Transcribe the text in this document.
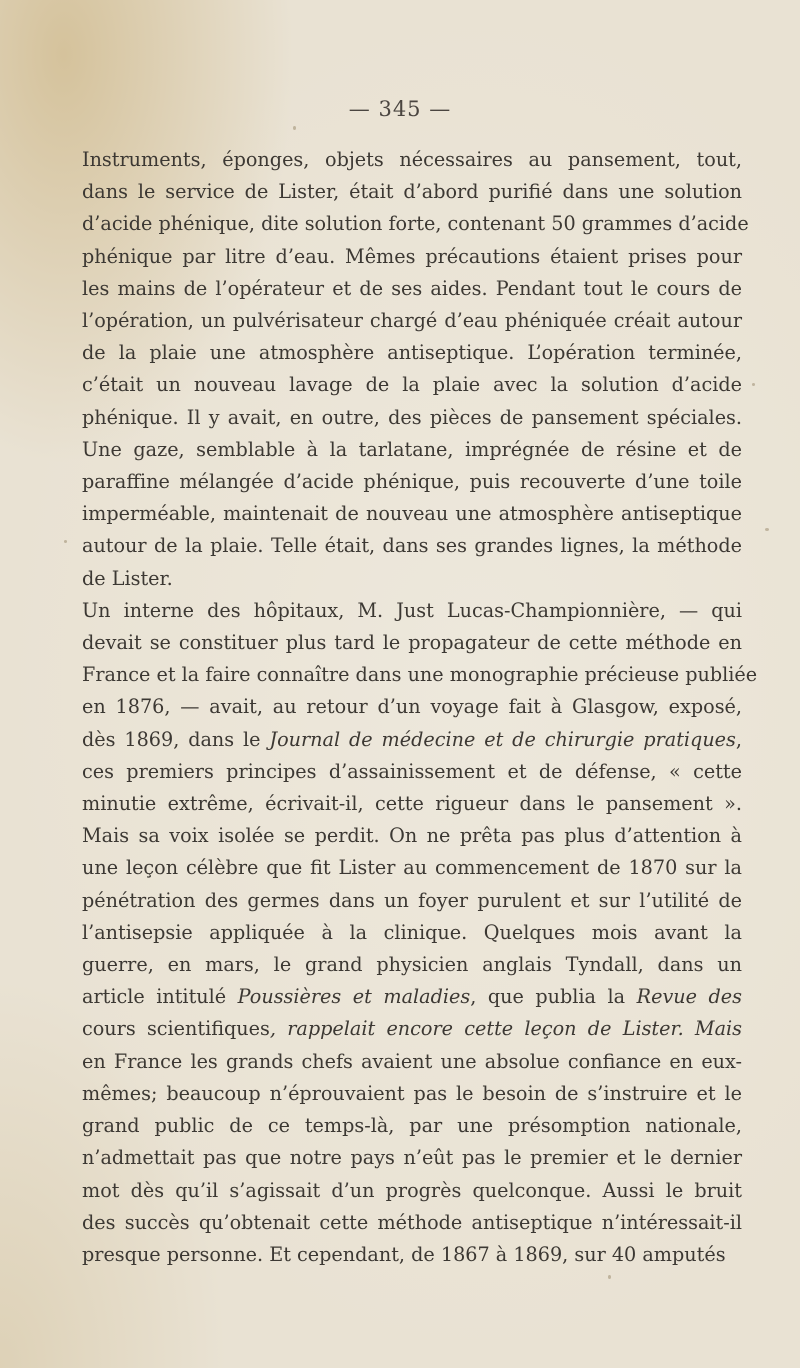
— 345 —
Instruments, éponges, objets nécessaires au pansement, tout,
dans le service de Lister, était d’abord purifié dans une solution
d’acide phénique, dite solution forte, contenant 50 grammes d’acide
phénique par litre d’eau. Mêmes précautions étaient prises pour
les mains de l’opérateur et de ses aides. Pendant tout le cours de
l’opération, un pulvérisateur chargé d’eau phéniquée créait autour
de la plaie une atmosphère antiseptique. L’opération terminée,
c’était un nouveau lavage de la plaie avec la solution d’acide
phénique. Il y avait, en outre, des pièces de pansement spéciales.
Une gaze, semblable à la tarlatane, imprégnée de résine et de
paraffine mélangée d’acide phénique, puis recouverte d’une toile
imperméable, maintenait de nouveau une atmosphère antiseptique
autour de la plaie. Telle était, dans ses grandes lignes, la méthode
de Lister.
Un interne des hôpitaux, M. Just Lucas-Championnière, — qui
devait se constituer plus tard le propagateur de cette méthode en
France et la faire connaître dans une monographie précieuse publiée
en 1876, — avait, au retour d’un voyage fait à Glasgow, exposé,
dès 1869, dans le Journal de médecine et de chirurgie pratiques,
ces premiers principes d’assainissement et de défense, « cette
minutie extrême, écrivait-il, cette rigueur dans le pansement ».
Mais sa voix isolée se perdit. On ne prêta pas plus d’attention à
une leçon célèbre que fit Lister au commencement de 1870 sur la
pénétration des germes dans un foyer purulent et sur l’utilité de
l’antisepsie appliquée à la clinique. Quelques mois avant la
guerre, en mars, le grand physicien anglais Tyndall, dans un
article intitulé Poussières et maladies, que publia la Revue des
cours scientifiques, rappelait encore cette leçon de Lister. Mais
en France les grands chefs avaient une absolue confiance en eux-
mêmes; beaucoup n’éprouvaient pas le besoin de s’instruire et le
grand public de ce temps-là, par une présomption nationale,
n’admettait pas que notre pays n’eût pas le premier et le dernier
mot dès qu’il s’agissait d’un progrès quelconque. Aussi le bruit
des succès qu’obtenait cette méthode antiseptique n’intéressait-il
presque personne. Et cependant, de 1867 à 1869, sur 40 amputés
